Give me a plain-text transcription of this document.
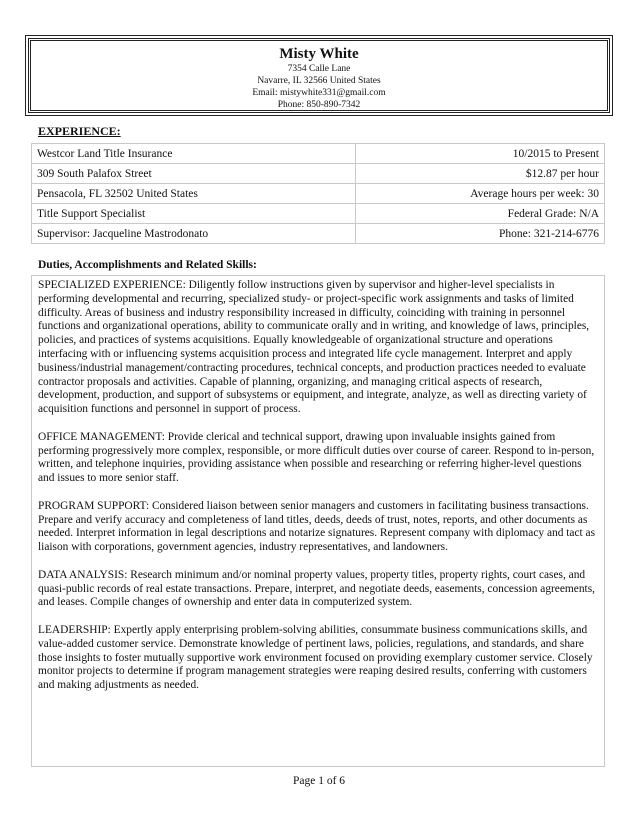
Misty White
7354 Calle Lane
Navarre, IL 32566 United States
Email: mistywhite331@gmail.com
Phone: 850-890-7342
EXPERIENCE:
Westcor Land Title Insurance	10/2015 to Present
309 South Palafox Street	$12.87 per hour
Pensacola, FL 32502 United States	Average hours per week: 30
Title Support Specialist	Federal Grade: N/A
Supervisor: Jacqueline Mastrodonato	Phone: 321-214-6776
Duties, Accomplishments and Related Skills:

SPECIALIZED EXPERIENCE: Diligently follow instructions given by supervisor and higher-level specialists in performing developmental and recurring, specialized study- or project-specific work assignments and tasks of limited difficulty. Areas of business and industry responsibility increased in difficulty, coinciding with training in personnel functions and organizational operations, ability to communicate orally and in writing, and knowledge of laws, principles, policies, and practices of systems acquisitions. Equally knowledgeable of organizational structure and operations interfacing with or influencing systems acquisition process and integrated life cycle management. Interpret and apply business/industrial management/contracting procedures, technical concepts, and production practices needed to evaluate contractor proposals and activities. Capable of planning, organizing, and managing critical aspects of research, development, production, and support of subsystems or equipment, and integrate, analyze, as well as directing variety of acquisition functions and personnel in support of process.

OFFICE MANAGEMENT: Provide clerical and technical support, drawing upon invaluable insights gained from performing progressively more complex, responsible, or more difficult duties over course of career. Respond to in-person, written, and telephone inquiries, providing assistance when possible and researching or referring higher-level questions and issues to more senior staff.

PROGRAM SUPPORT: Considered liaison between senior managers and customers in facilitating business transactions. Prepare and verify accuracy and completeness of land titles, deeds, deeds of trust, notes, reports, and other documents as needed. Interpret information in legal descriptions and notarize signatures. Represent company with diplomacy and tact as liaison with corporations, government agencies, industry representatives, and landowners.

DATA ANALYSIS: Research minimum and/or nominal property values, property titles, property rights, court cases, and quasi-public records of real estate transactions. Prepare, interpret, and negotiate deeds, easements, concession agreements, and leases. Compile changes of ownership and enter data in computerized system.

LEADERSHIP: Expertly apply enterprising problem-solving abilities, consummate business communications skills, and value-added customer service. Demonstrate knowledge of pertinent laws, policies, regulations, and standards, and share those insights to foster mutually supportive work environment focused on providing exemplary customer service. Closely monitor projects to determine if program management strategies were reaping desired results, conferring with customers and making adjustments as needed.

Page 1 of 6
